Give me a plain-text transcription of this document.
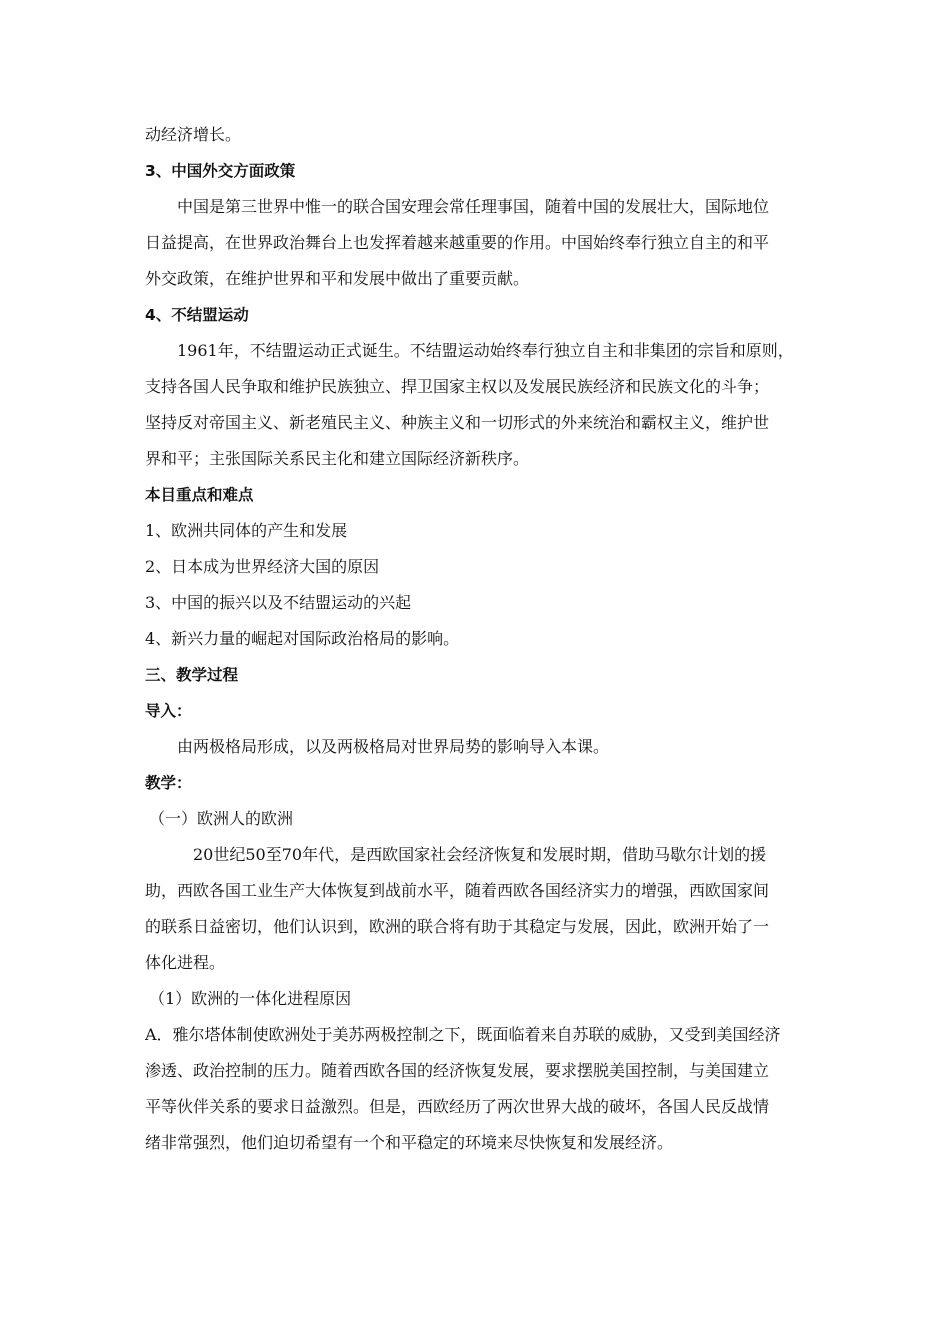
动经济增长。
3、中国外交方面政策
中国是第三世界中惟一的联合国安理会常任理事国，随着中国的发展壮大，国际地位
日益提高，在世界政治舞台上也发挥着越来越重要的作用。中国始终奉行独立自主的和平
外交政策，在维护世界和平和发展中做出了重要贡献。
4、不结盟运动
1961年，不结盟运动正式诞生。不结盟运动始终奉行独立自主和非集团的宗旨和原则，
支持各国人民争取和维护民族独立、捍卫国家主权以及发展民族经济和民族文化的斗争；
坚持反对帝国主义、新老殖民主义、种族主义和一切形式的外来统治和霸权主义，维护世
界和平；主张国际关系民主化和建立国际经济新秩序。
本目重点和难点
1、欧洲共同体的产生和发展
2、日本成为世界经济大国的原因
3、中国的振兴以及不结盟运动的兴起
4、新兴力量的崛起对国际政治格局的影响。
三、教学过程
导入：
由两极格局形成，以及两极格局对世界局势的影响导入本课。
教学：
（一）欧洲人的欧洲
20世纪50至70年代，是西欧国家社会经济恢复和发展时期，借助马歇尔计划的援
助，西欧各国工业生产大体恢复到战前水平，随着西欧各国经济实力的增强，西欧国家间
的联系日益密切，他们认识到，欧洲的联合将有助于其稳定与发展，因此，欧洲开始了一
体化进程。
（1）欧洲的一体化进程原因
A．雅尔塔体制使欧洲处于美苏两极控制之下，既面临着来自苏联的威胁，又受到美国经济
渗透、政治控制的压力。随着西欧各国的经济恢复发展，要求摆脱美国控制，与美国建立
平等伙伴关系的要求日益激烈。但是，西欧经历了两次世界大战的破坏，各国人民反战情
绪非常强烈，他们迫切希望有一个和平稳定的环境来尽快恢复和发展经济。
